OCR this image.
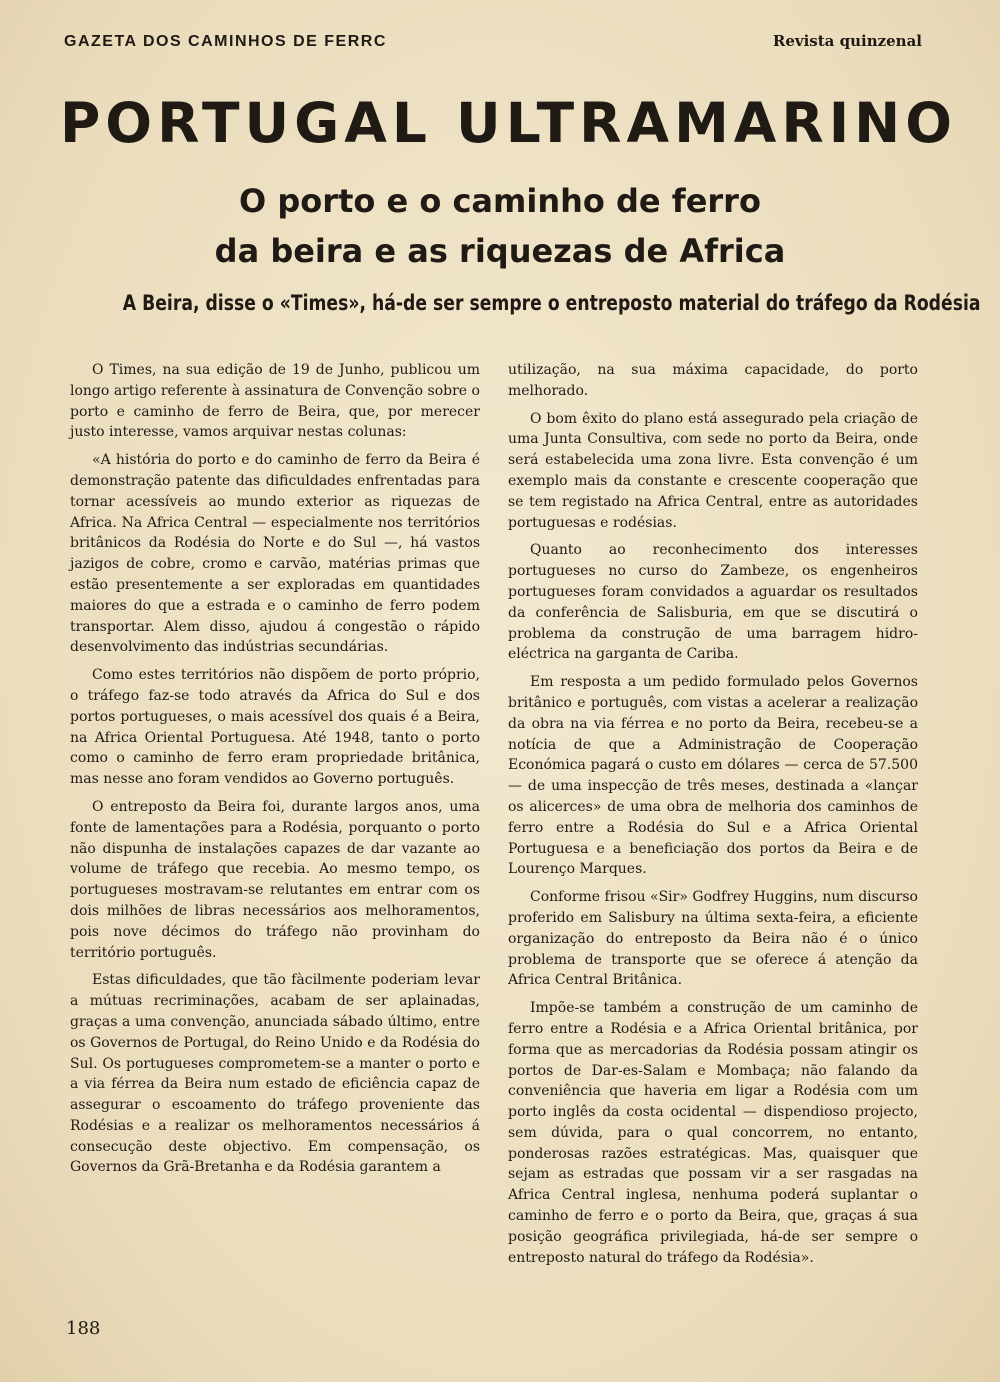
GAZETA DOS CAMINHOS DE FERRC	Revista quinzenal
PORTUGAL ULTRAMARINO
O porto e o caminho de ferro
da beira e as riquezas de Africa
A Beira, disse o «Times», há-de ser sempre o entreposto material do tráfego da Rodésia

O Times, na sua edição de 19 de Junho, publicou um longo artigo referente à assinatura de Convenção sobre o porto e caminho de ferro de Beira, que, por merecer justo interesse, vamos arquivar nestas colunas:

«A história do porto e do caminho de ferro da Beira é demonstração patente das dificuldades enfrentadas para tornar acessíveis ao mundo exterior as riquezas de Africa. Na Africa Central — especialmente nos territórios britânicos da Rodésia do Norte e do Sul —, há vastos jazigos de cobre, cromo e carvão, matérias primas que estão presentemente a ser exploradas em quantidades maiores do que a estrada e o caminho de ferro podem transportar. Alem disso, ajudou á congestão o rápido desenvolvimento das indústrias secundárias.

Como estes territórios não dispõem de porto próprio, o tráfego faz-se todo através da Africa do Sul e dos portos portugueses, o mais acessível dos quais é a Beira, na Africa Oriental Portuguesa. Até 1948, tanto o porto como o caminho de ferro eram propriedade britânica, mas nesse ano foram vendidos ao Governo português.

O entreposto da Beira foi, durante largos anos, uma fonte de lamentações para a Rodésia, porquanto o porto não dispunha de instalações capazes de dar vazante ao volume de tráfego que recebia. Ao mesmo tempo, os portugueses mostravam-se relutantes em entrar com os dois milhões de libras necessários aos melhoramentos, pois nove décimos do tráfego não provinham do território português.

Estas dificuldades, que tão fàcilmente poderiam levar a mútuas recriminações, acabam de ser aplainadas, graças a uma convenção, anunciada sábado último, entre os Governos de Portugal, do Reino Unido e da Rodésia do Sul. Os portugueses comprometem-se a manter o porto e a via férrea da Beira num estado de eficiência capaz de assegurar o escoamento do tráfego proveniente das Rodésias e a realizar os melhoramentos necessários á consecução deste objectivo. Em compensação, os Governos da Grã-Bretanha e da Rodésia garantem a

utilização, na sua máxima capacidade, do porto melhorado.

O bom êxito do plano está assegurado pela criação de uma Junta Consultiva, com sede no porto da Beira, onde será estabelecida uma zona livre. Esta convenção é um exemplo mais da constante e crescente cooperação que se tem registado na Africa Central, entre as autoridades portuguesas e rodésias.

Quanto ao reconhecimento dos interesses portugueses no curso do Zambeze, os engenheiros portugueses foram convidados a aguardar os resultados da conferência de Salisburia, em que se discutirá o problema da construção de uma barragem hidro-eléctrica na garganta de Cariba.

Em resposta a um pedido formulado pelos Governos britânico e português, com vistas a acelerar a realização da obra na via férrea e no porto da Beira, recebeu-se a notícia de que a Administração de Cooperação Económica pagará o custo em dólares — cerca de 57.500 — de uma inspecção de três meses, destinada a «lançar os alicerces» de uma obra de melhoria dos caminhos de ferro entre a Rodésia do Sul e a Africa Oriental Portuguesa e a beneficiação dos portos da Beira e de Lourenço Marques.

Conforme frisou «Sir» Godfrey Huggins, num discurso proferido em Salisbury na última sexta-feira, a eficiente organização do entreposto da Beira não é o único problema de transporte que se oferece á atenção da Africa Central Britânica.

Impõe-se também a construção de um caminho de ferro entre a Rodésia e a Africa Oriental britânica, por forma que as mercadorias da Rodésia possam atingir os portos de Dar-es-Salam e Mombaça; não falando da conveniência que haveria em ligar a Rodésia com um porto inglês da costa ocidental — dispendioso projecto, sem dúvida, para o qual concorrem, no entanto, ponderosas razões estratégicas. Mas, quaisquer que sejam as estradas que possam vir a ser rasgadas na Africa Central inglesa, nenhuma poderá suplantar o caminho de ferro e o porto da Beira, que, graças á sua posição geográfica privilegiada, há-de ser sempre o entreposto natural do tráfego da Rodésia».

188
